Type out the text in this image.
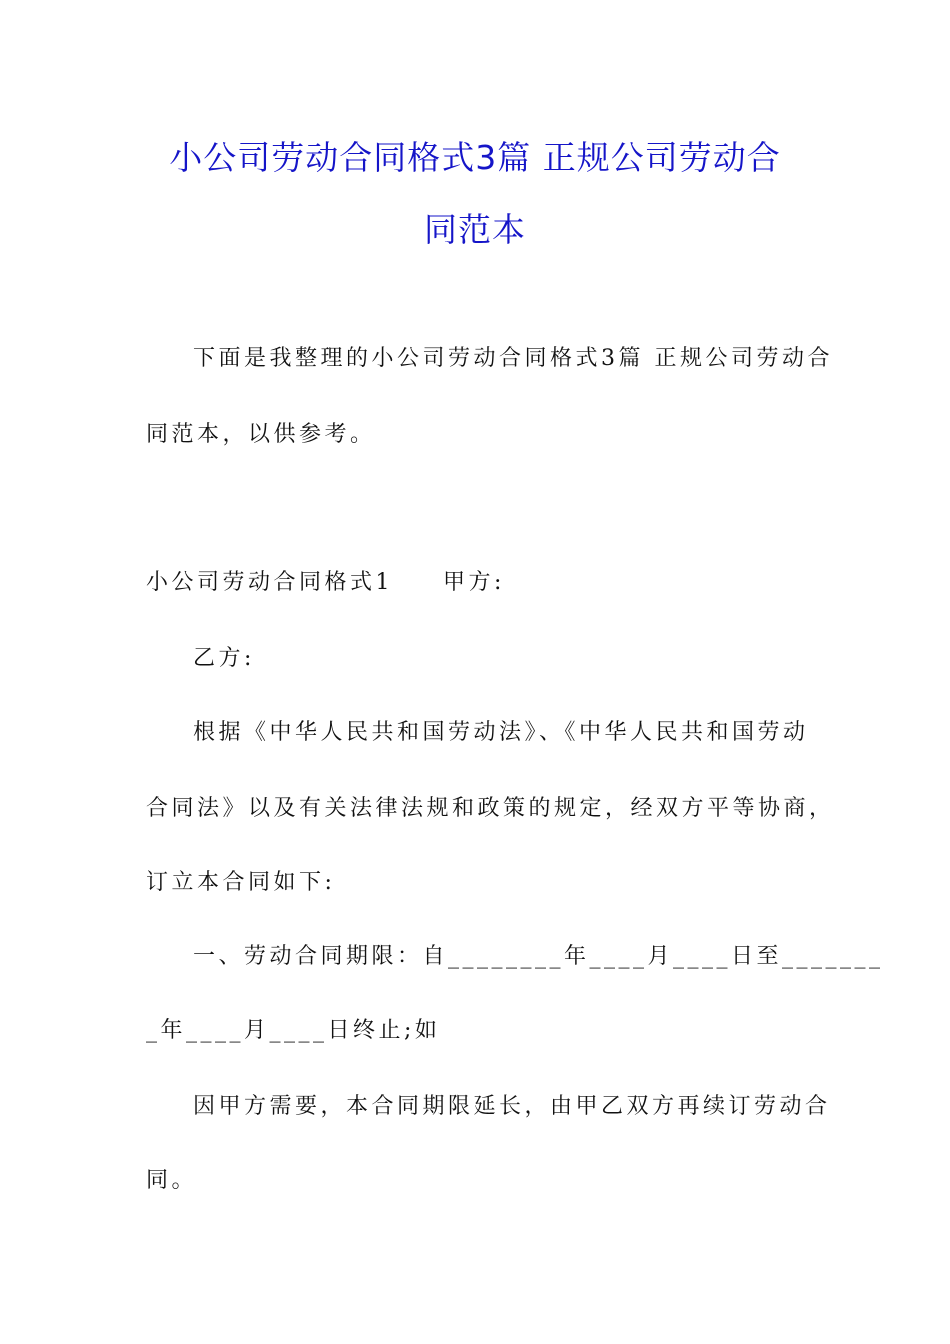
小公司劳动合同格式3篇 正规公司劳动合
同范本
下面是我整理的小公司劳动合同格式3篇 正规公司劳动合
同范本，以供参考。
小公司劳动合同格式1 甲方:
乙方:
根据《中华人民共和国劳动法》、《中华人民共和国劳动
合同法》以及有关法律法规和政策的规定，经双方平等协商，
订立本合同如下:
一、劳动合同期限：自________年____月____日至_______
_年____月____日终止;如
因甲方需要，本合同期限延长，由甲乙双方再续订劳动合
同。
